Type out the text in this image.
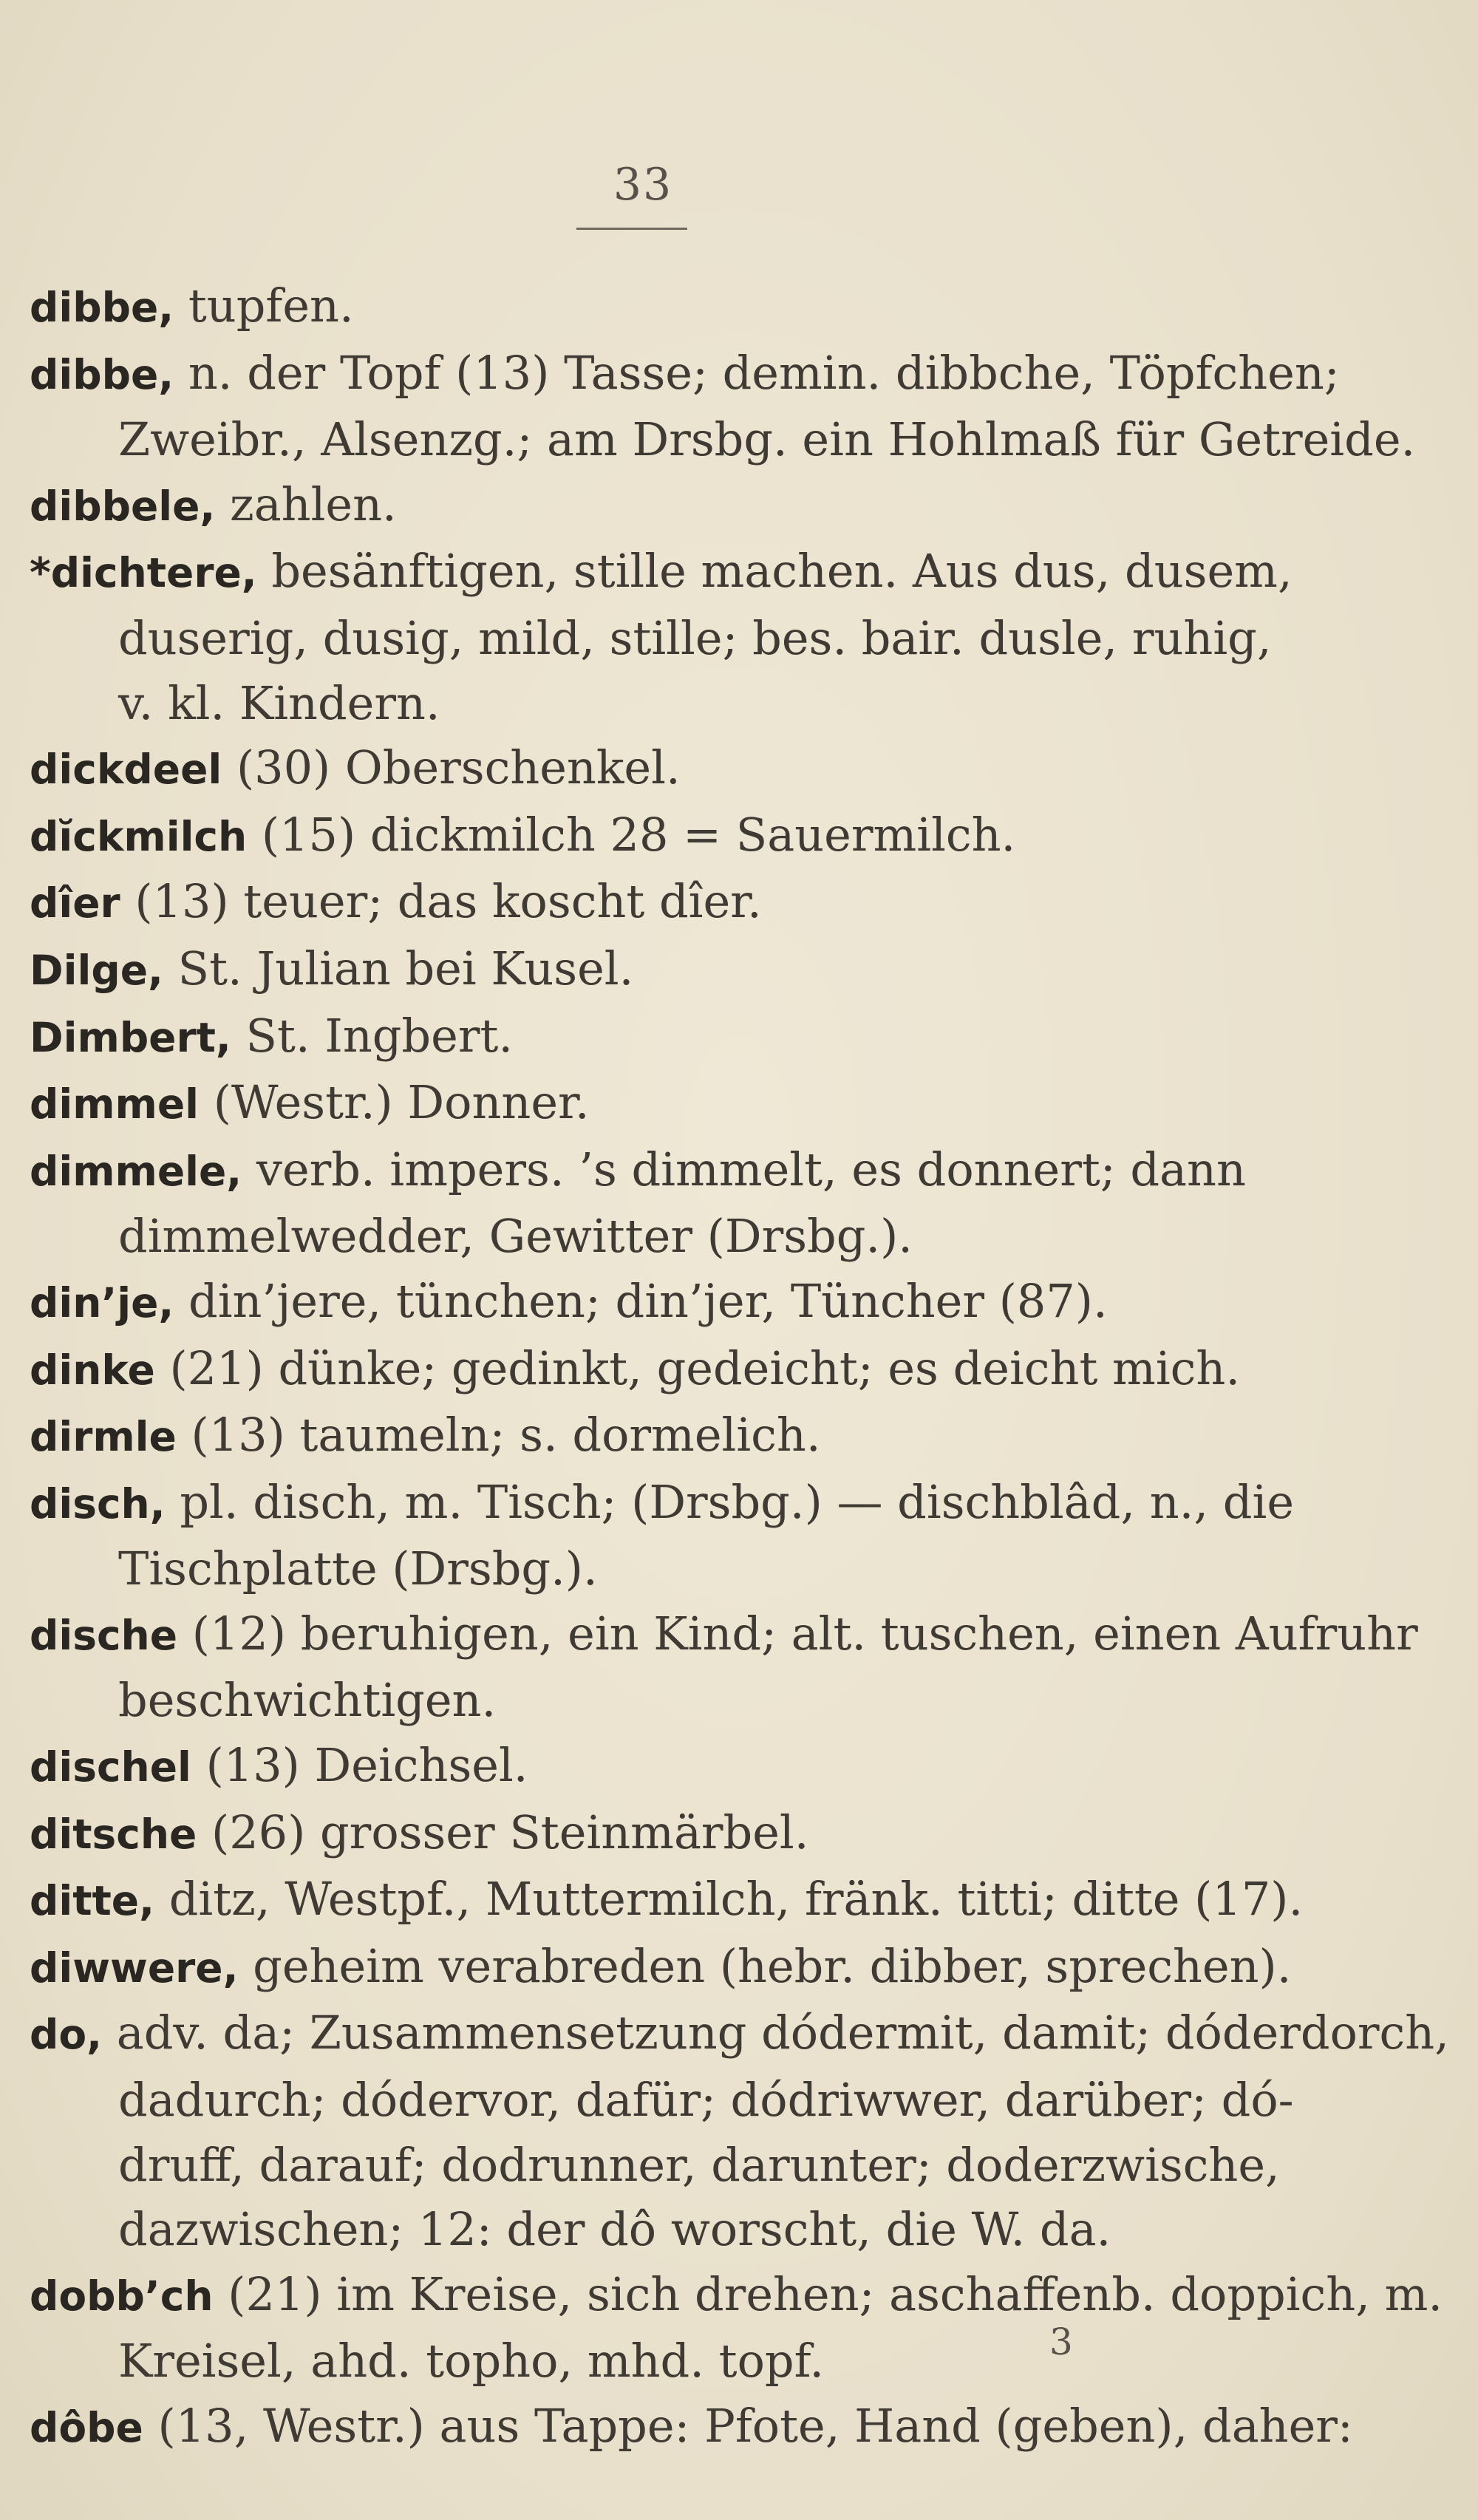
33
dibbe, tupfen.
dibbe, n. der Topf (13) Tasse; demin. dibbche, Töpfchen;
Zweibr., Alsenzg.; am Drsbg. ein Hohlmaß für Getreide.
dibbele, zahlen.
*dichtere, besänftigen, stille machen. Aus dus, dusem,
duserig, dusig, mild, stille; bes. bair. dusle, ruhig,
v. kl. Kindern.
dickdeel (30) Oberschenkel.
dĭckmilch (15) dickmilch 28 = Sauermilch.
dîer (13) teuer; das koscht dîer.
Dilge, St. Julian bei Kusel.
Dimbert, St. Ingbert.
dimmel (Westr.) Donner.
dimmele, verb. impers. ’s dimmelt, es donnert; dann
dimmelwedder, Gewitter (Drsbg.).
din’je, din’jere, tünchen; din’jer, Tüncher (87).
dinke (21) dünke; gedinkt, gedeicht; es deicht mich.
dirmle (13) taumeln; s. dormelich.
disch, pl. disch, m. Tisch; (Drsbg.) — dischblâd, n., die
Tischplatte (Drsbg.).
dische (12) beruhigen, ein Kind; alt. tuschen, einen Aufruhr
beschwichtigen.
dischel (13) Deichsel.
ditsche (26) grosser Steinmärbel.
ditte, ditz, Westpf., Muttermilch, fränk. titti; ditte (17).
diwwere, geheim verabreden (hebr. dibber, sprechen).
do, adv. da; Zusammensetzung dódermit, damit; dóderdorch,
dadurch; dódervor, dafür; dódriwwer, darüber; dó-
druff, darauf; dodrunner, darunter; doderzwische,
dazwischen; 12: der dô worscht, die W. da.
dobb’ch (21) im Kreise, sich drehen; aschaffenb. doppich, m.
Kreisel, ahd. topho, mhd. topf.
dôbe (13, Westr.) aus Tappe: Pfote, Hand (geben), daher:
3
